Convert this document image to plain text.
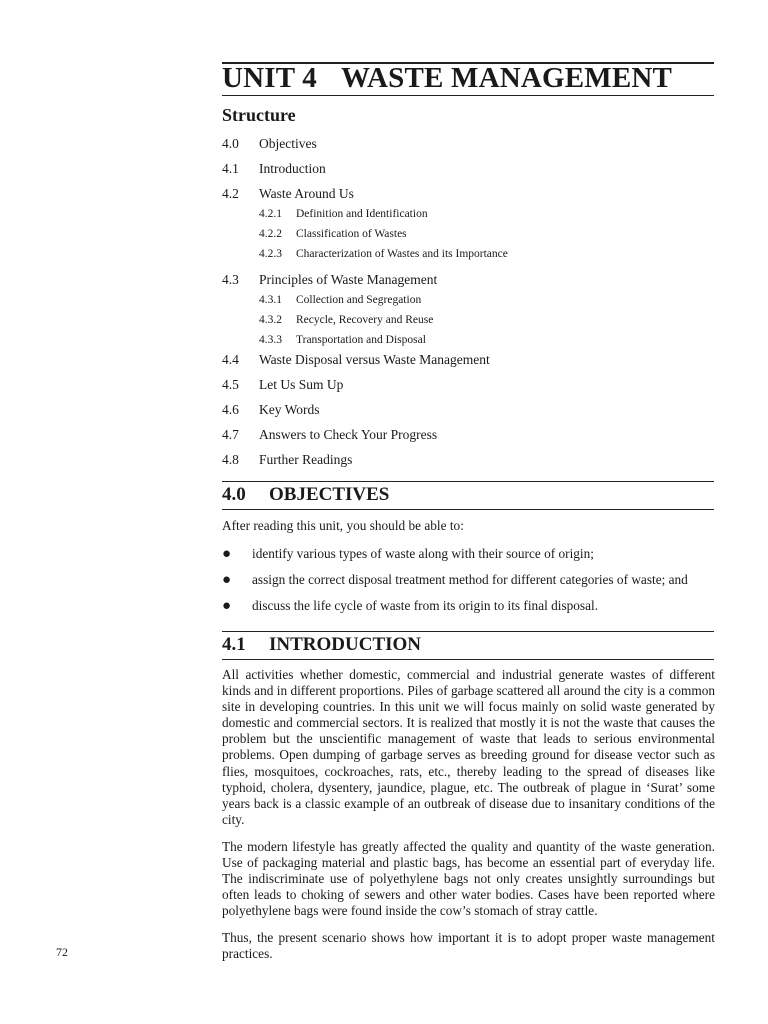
UNIT 4 WASTE MANAGEMENT
Structure
4.0 Objectives
4.1 Introduction
4.2 Waste Around Us
4.2.1 Definition and Identification
4.2.2 Classification of Wastes
4.2.3 Characterization of Wastes and its Importance
4.3 Principles of Waste Management
4.3.1 Collection and Segregation
4.3.2 Recycle, Recovery and Reuse
4.3.3 Transportation and Disposal
4.4 Waste Disposal versus Waste Management
4.5 Let Us Sum Up
4.6 Key Words
4.7 Answers to Check Your Progress
4.8 Further Readings
4.0 OBJECTIVES

After reading this unit, you should be able to:

● identify various types of waste along with their source of origin;
● assign the correct disposal treatment method for different categories of waste; and
● discuss the life cycle of waste from its origin to its final disposal.
4.1 INTRODUCTION

All activities whether domestic, commercial and industrial generate wastes of different kinds and in different proportions. Piles of garbage scattered all around the city is a common site in developing countries. In this unit we will focus mainly on solid waste generated by domestic and commercial sectors. It is realized that mostly it is not the waste that causes the problem but the unscientific management of waste that leads to serious environmental problems. Open dumping of garbage serves as breeding ground for disease vector such as flies, mosquitoes, cockroaches, rats, etc., thereby leading to the spread of diseases like typhoid, cholera, dysentery, jaundice, plague, etc. The outbreak of plague in ‘Surat’ some years back is a classic example of an outbreak of disease due to insanitary conditions of the city.

The modern lifestyle has greatly affected the quality and quantity of the waste generation. Use of packaging material and plastic bags, has become an essential part of everyday life. The indiscriminate use of polyethylene bags not only creates unsightly surroundings but often leads to choking of sewers and other water bodies. Cases have been reported where polyethylene bags were found inside the cow’s stomach of stray cattle.

Thus, the present scenario shows how important it is to adopt proper waste management practices.

72
